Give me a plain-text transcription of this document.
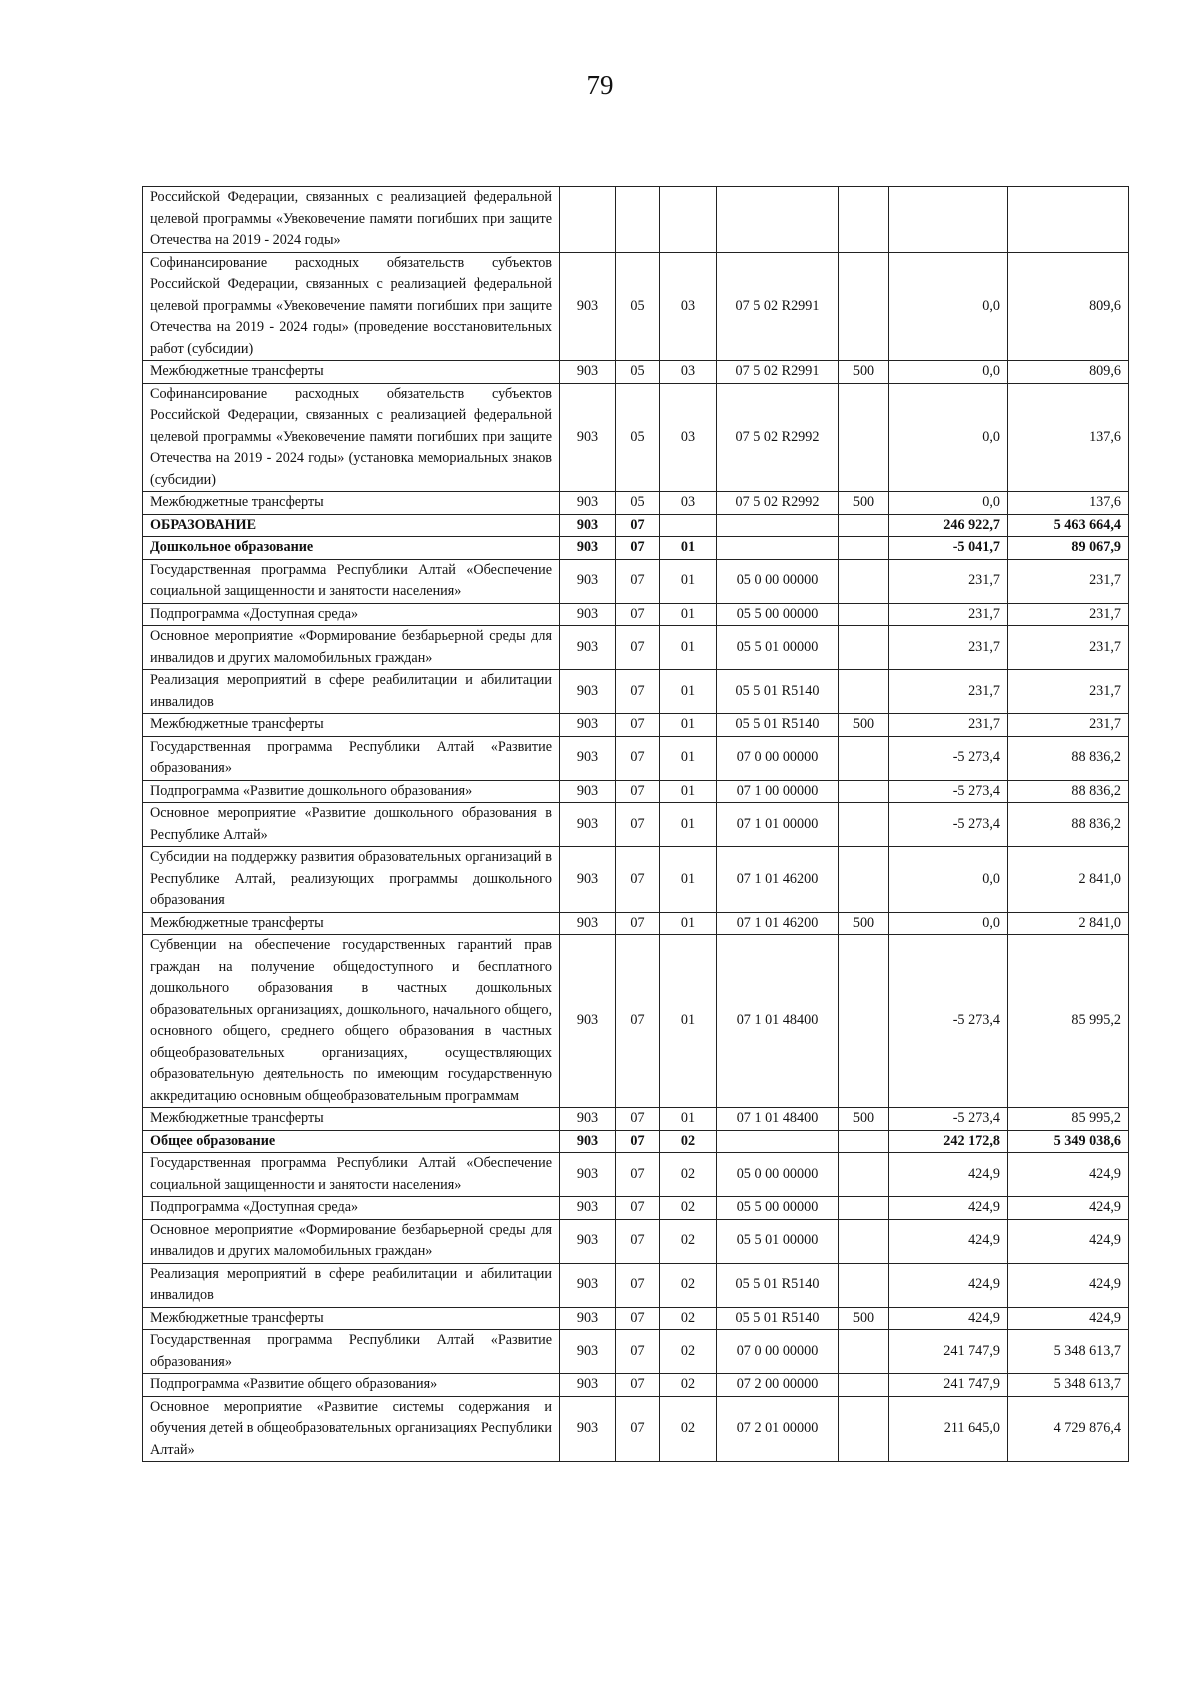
79
Российской Федерации, связанных с реализацией федеральной целевой программы «Увековечение памяти погибших при защите Отечества на 2019 - 2024 годы»							
Софинансирование расходных обязательств субъектов Российской Федерации, связанных с реализацией федеральной целевой программы «Увековечение памяти погибших при защите Отечества на 2019 - 2024 годы» (проведение восстановительных работ (субсидии)	903	05	03	07 5 02 R2991		0,0	809,6
Межбюджетные трансферты	903	05	03	07 5 02 R2991	500	0,0	809,6
Софинансирование расходных обязательств субъектов Российской Федерации, связанных с реализацией федеральной целевой программы «Увековечение памяти погибших при защите Отечества на 2019 - 2024 годы» (установка мемориальных знаков (субсидии)	903	05	03	07 5 02 R2992		0,0	137,6
Межбюджетные трансферты	903	05	03	07 5 02 R2992	500	0,0	137,6
ОБРАЗОВАНИЕ	903	07				246 922,7	5 463 664,4
Дошкольное образование	903	07	01			-5 041,7	89 067,9
Государственная программа Республики Алтай «Обеспечение социальной защищенности и занятости населения»	903	07	01	05 0 00 00000		231,7	231,7
Подпрограмма «Доступная среда»	903	07	01	05 5 00 00000		231,7	231,7
Основное мероприятие «Формирование безбарьерной среды для инвалидов и других маломобильных граждан»	903	07	01	05 5 01 00000		231,7	231,7
Реализация мероприятий в сфере реабилитации и абилитации инвалидов	903	07	01	05 5 01 R5140		231,7	231,7
Межбюджетные трансферты	903	07	01	05 5 01 R5140	500	231,7	231,7
Государственная программа Республики Алтай «Развитие образования»	903	07	01	07 0 00 00000		-5 273,4	88 836,2
Подпрограмма «Развитие дошкольного образования»	903	07	01	07 1 00 00000		-5 273,4	88 836,2
Основное мероприятие «Развитие дошкольного образования в Республике Алтай»	903	07	01	07 1 01 00000		-5 273,4	88 836,2
Субсидии на поддержку развития образовательных организаций в Республике Алтай, реализующих программы дошкольного образования	903	07	01	07 1 01 46200		0,0	2 841,0
Межбюджетные трансферты	903	07	01	07 1 01 46200	500	0,0	2 841,0
Субвенции на обеспечение государственных гарантий прав граждан на получение общедоступного и бесплатного дошкольного образования в частных дошкольных образовательных организациях, дошкольного, начального общего, основного общего, среднего общего образования в частных общеобразовательных организациях, осуществляющих образовательную деятельность по имеющим государственную аккредитацию основным общеобразовательным программам	903	07	01	07 1 01 48400		-5 273,4	85 995,2
Межбюджетные трансферты	903	07	01	07 1 01 48400	500	-5 273,4	85 995,2
Общее образование	903	07	02			242 172,8	5 349 038,6
Государственная программа Республики Алтай «Обеспечение социальной защищенности и занятости населения»	903	07	02	05 0 00 00000		424,9	424,9
Подпрограмма «Доступная среда»	903	07	02	05 5 00 00000		424,9	424,9
Основное мероприятие «Формирование безбарьерной среды для инвалидов и других маломобильных граждан»	903	07	02	05 5 01 00000		424,9	424,9
Реализация мероприятий в сфере реабилитации и абилитации инвалидов	903	07	02	05 5 01 R5140		424,9	424,9
Межбюджетные трансферты	903	07	02	05 5 01 R5140	500	424,9	424,9
Государственная программа Республики Алтай «Развитие образования»	903	07	02	07 0 00 00000		241 747,9	5 348 613,7
Подпрограмма «Развитие общего образования»	903	07	02	07 2 00 00000		241 747,9	5 348 613,7
Основное мероприятие «Развитие системы содержания и обучения детей в общеобразовательных организациях Республики Алтай»	903	07	02	07 2 01 00000		211 645,0	4 729 876,4
